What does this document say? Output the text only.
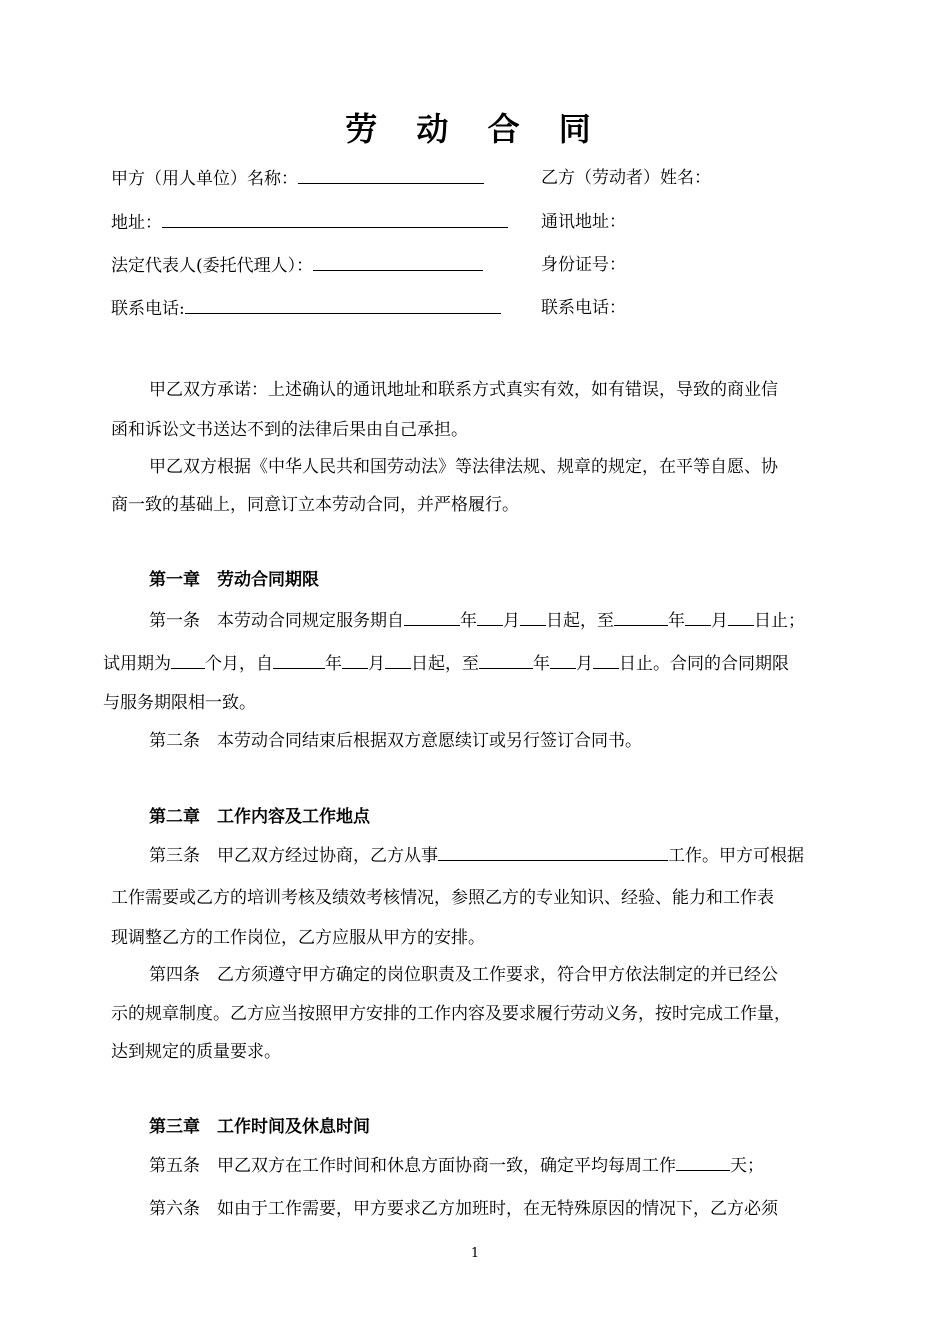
劳 动 合 同
甲方（用人单位）名称：	乙方（劳动者）姓名：
地址：	通讯地址：
法定代表人(委托代理人）：	身份证号：
联系电话:	联系电话：
甲乙双方承诺：上述确认的通讯地址和联系方式真实有效，如有错误，导致的商业信
函和诉讼文书送达不到的法律后果由自己承担。
甲乙双方根据《中华人民共和国劳动法》等法律法规、规章的规定，在平等自愿、协
商一致的基础上，同意订立本劳动合同，并严格履行。
第一章　劳动合同期限
第一条　本劳动合同规定服务期自	年 月 日起，至	年 月 日止；
试用期为 个月，自	年 月 日起，至	年 月 日止。合同的合同期限
与服务期限相一致。
第二条　本劳动合同结束后根据双方意愿续订或另行签订合同书。
第二章　工作内容及工作地点
第三条　甲乙双方经过协商，乙方从事	工作。甲方可根据
工作需要或乙方的培训考核及绩效考核情况，参照乙方的专业知识、经验、能力和工作表
现调整乙方的工作岗位，乙方应服从甲方的安排。
第四条　乙方须遵守甲方确定的岗位职责及工作要求，符合甲方依法制定的并已经公
示的规章制度。乙方应当按照甲方安排的工作内容及要求履行劳动义务，按时完成工作量，
达到规定的质量要求。
第三章　工作时间及休息时间
第五条　甲乙双方在工作时间和休息方面协商一致，确定平均每周工作	天；
第六条　如由于工作需要，甲方要求乙方加班时，在无特殊原因的情况下，乙方必须
1
